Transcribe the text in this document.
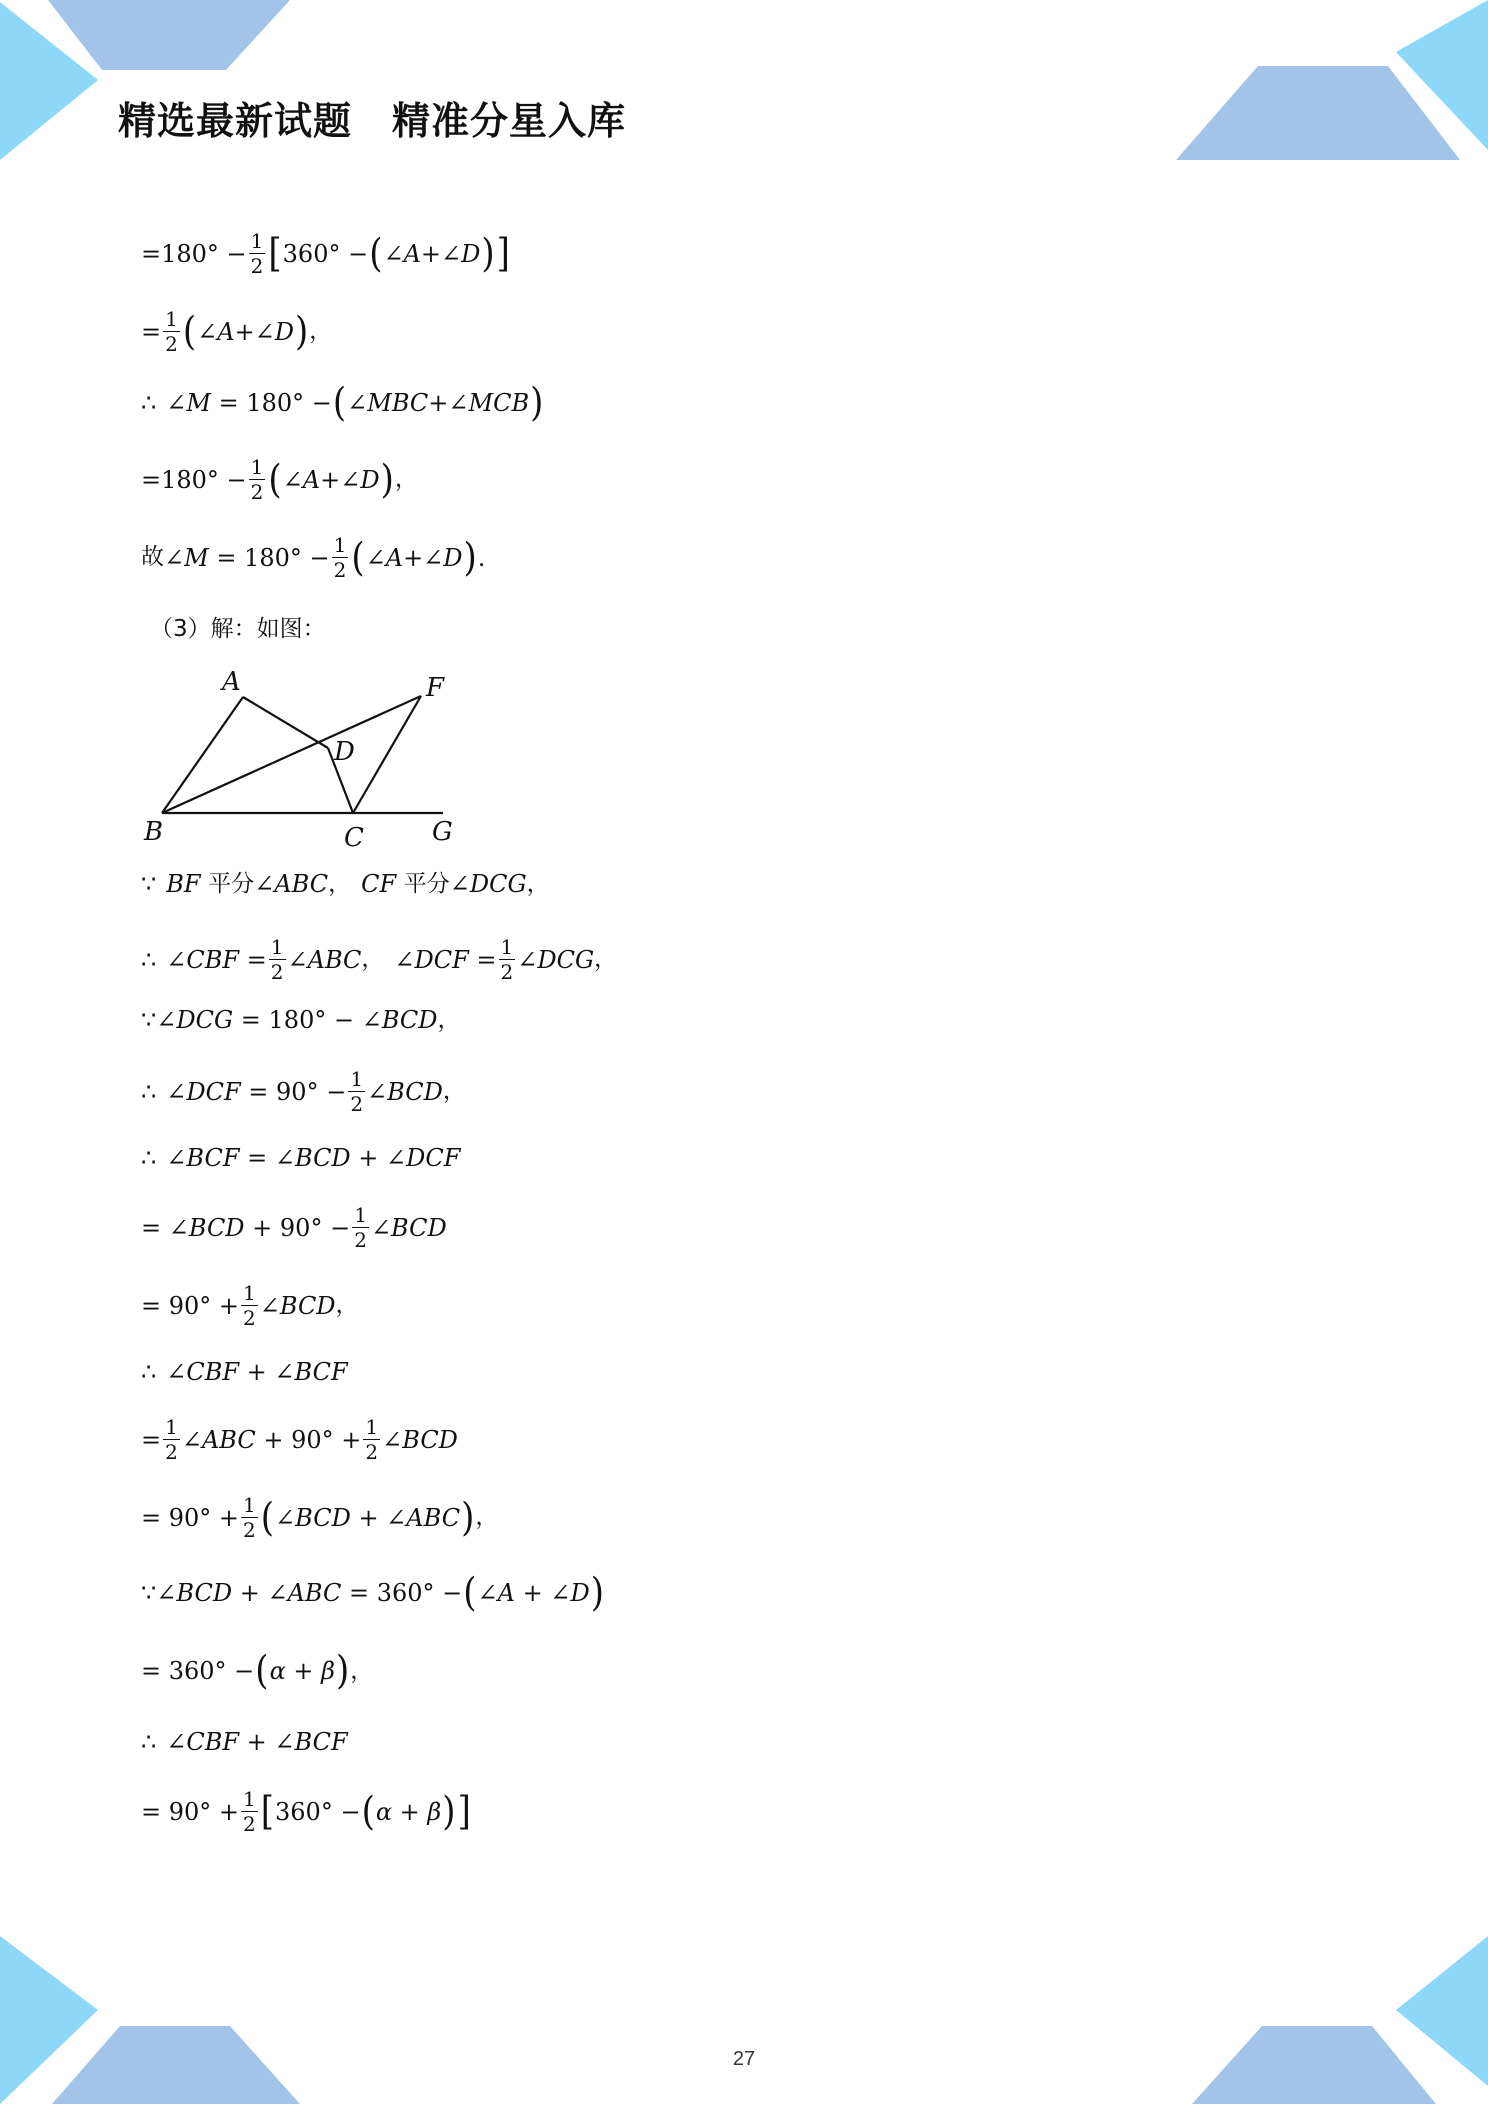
精选最新试题 精准分星入库
$=180^\circ - \frac{1}{2}$ [ 360° − ( ∠ A +∠ D ) ]
= $\frac{1}{2}$ ( ∠ A +∠ D ) ，
∴ ∠ M = 180° − ( ∠ MBC +∠ MCB )
$=180^\circ - \frac{1}{2}$ ( ∠ A +∠ D ) ，
故 ∠ $M = 180^\circ - \frac{1}{2}$ ( ∠ A +∠ D ) .
（3）解：如图：
A	F
D
B	C	G
∵ BF
平分 ∠ ABC ， CF
平分 ∠ DCG ，
∴ ∠ CBF = $\frac{1}{2}$ ∠ ABC ， ∠ DCF = $\frac{1}{2}$ ∠ DCG ，
∵ ∠ DCG = 180° − ∠ BCD ，
∴ ∠ DCF = $90^\circ - \frac{1}{2}$ ∠ BCD ，
∴ ∠ BCF = ∠ BCD + ∠ DCF
= ∠ BCD + $90^\circ - \frac{1}{2}$ ∠ BCD
= $90^\circ + \frac{1}{2}$ ∠ BCD ，
∴ ∠ CBF + ∠ BCF
= $\frac{1}{2}$ ∠ ABC + $90^\circ + \frac{1}{2}$ ∠ BCD
= $90^\circ + \frac{1}{2}$ ( ∠ BCD + ∠ ABC ) ，
∵ ∠ BCD + ∠ ABC = 360° − ( ∠ A + ∠ D )
= 360° − ( α + β ) ，
∴ ∠ CBF + ∠ BCF
= $90^\circ + \frac{1}{2}$ [ 360° − ( α + β ) ]
27
